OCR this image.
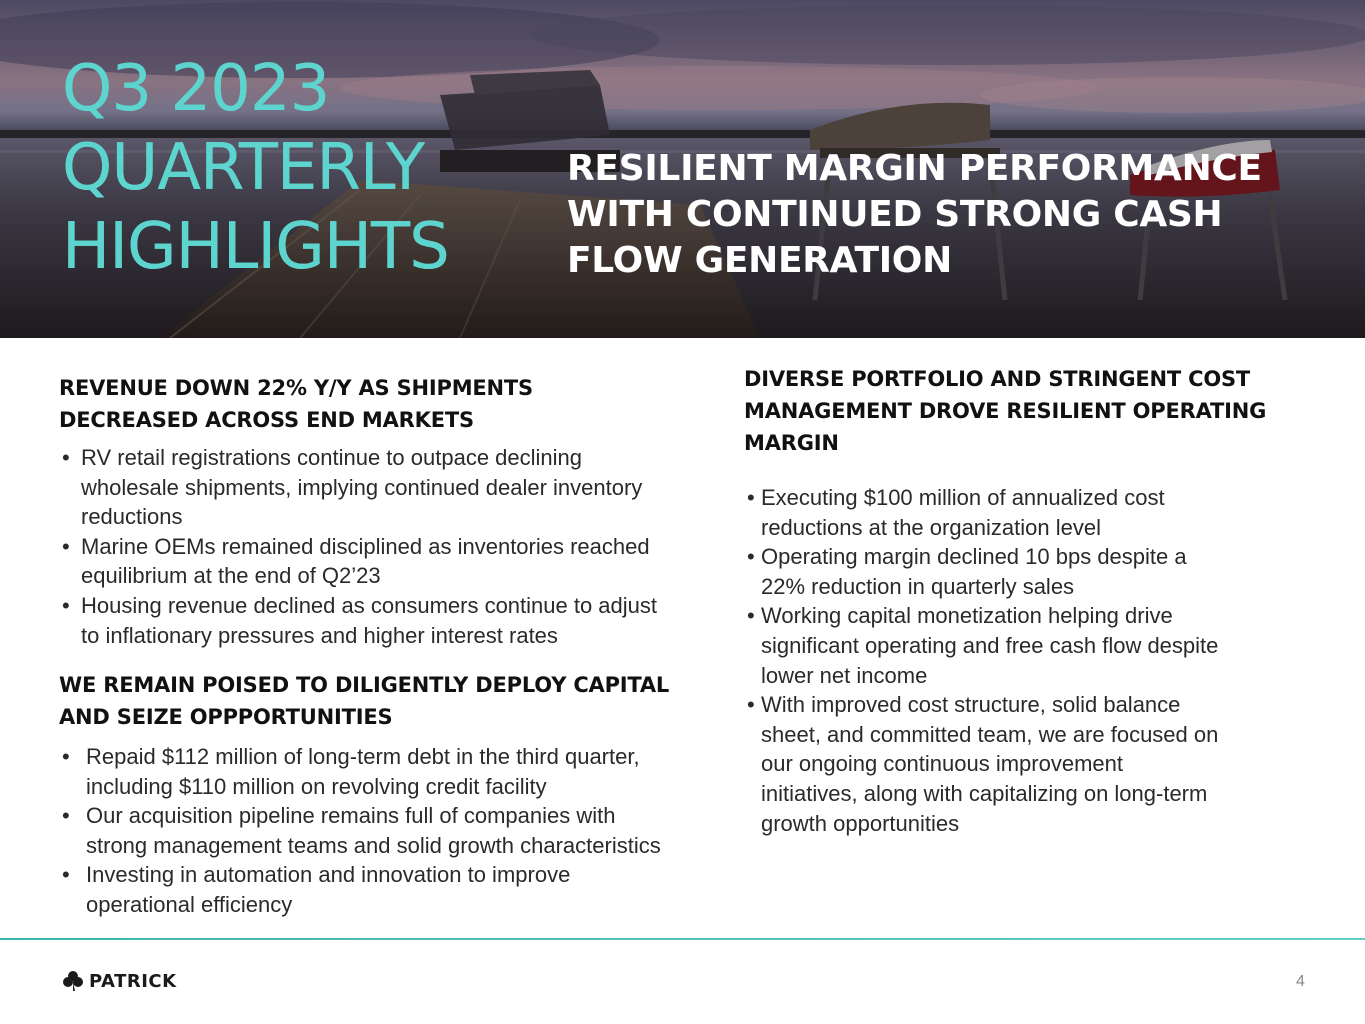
Q3 2023
QUARTERLY
HIGHLIGHTS
RESILIENT MARGIN PERFORMANCE
WITH CONTINUED STRONG CASH
FLOW GENERATION
REVENUE DOWN 22% Y/Y AS SHIPMENTS
DECREASED ACROSS END MARKETS
• RV retail registrations continue to outpace declining
wholesale shipments, implying continued dealer inventory
reductions
• Marine OEMs remained disciplined as inventories reached
equilibrium at the end of Q2’23
• Housing revenue declined as consumers continue to adjust
to inflationary pressures and higher interest rates
WE REMAIN POISED TO DILIGENTLY DEPLOY CAPITAL
AND SEIZE OPPPORTUNITIES
• Repaid $112 million of long-term debt in the third quarter,
including $110 million on revolving credit facility
• Our acquisition pipeline remains full of companies with
strong management teams and solid growth characteristics
• Investing in automation and innovation to improve
operational efficiency
DIVERSE PORTFOLIO AND STRINGENT COST
MANAGEMENT DROVE RESILIENT OPERATING
MARGIN
• Executing $100 million of annualized cost
reductions at the organization level
• Operating margin declined 10 bps despite a
22% reduction in quarterly sales
• Working capital monetization helping drive
significant operating and free cash flow despite
lower net income
• With improved cost structure, solid balance
sheet, and committed team, we are focused on
our ongoing continuous improvement
initiatives, along with capitalizing on long-term
growth opportunities
PATRICK	4
